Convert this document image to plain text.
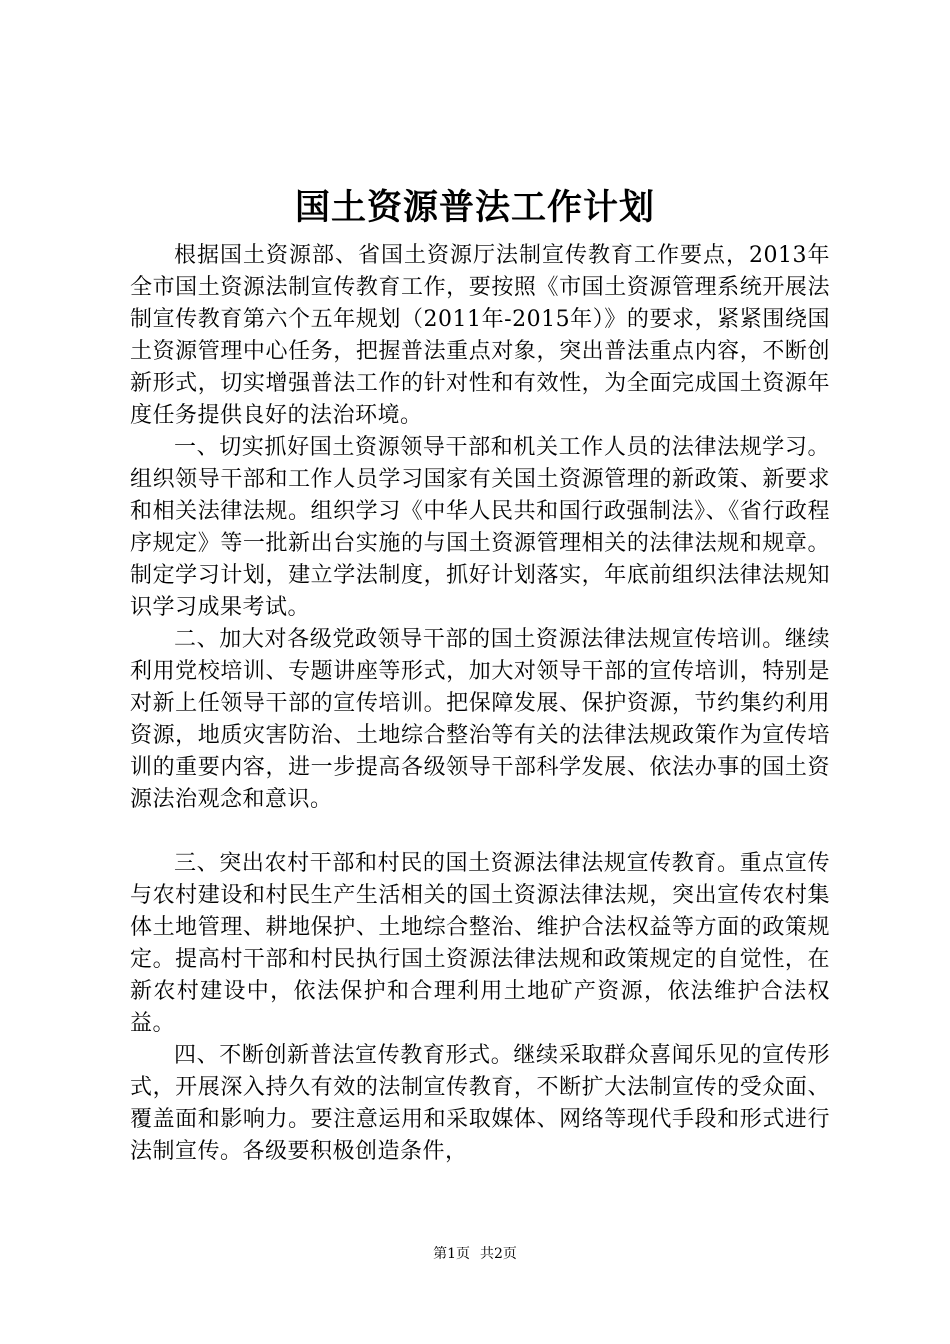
国土资源普法工作计划

根据国土资源部、省国土资源厅法制宣传教育工作要点，2013年全市国土资源法制宣传教育工作，要按照《市国土资源管理系统开展法制宣传教育第六个五年规划（2011年-2015年）》的要求，紧紧围绕国土资源管理中心任务，把握普法重点对象，突出普法重点内容，不断创新形式，切实增强普法工作的针对性和有效性，为全面完成国土资源年度任务提供良好的法治环境。

一、切实抓好国土资源领导干部和机关工作人员的法律法规学习。组织领导干部和工作人员学习国家有关国土资源管理的新政策、新要求和相关法律法规。组织学习《中华人民共和国行政强制法》、《省行政程序规定》等一批新出台实施的与国土资源管理相关的法律法规和规章。制定学习计划，建立学法制度，抓好计划落实，年底前组织法律法规知识学习成果考试。

二、加大对各级党政领导干部的国土资源法律法规宣传培训。继续利用党校培训、专题讲座等形式，加大对领导干部的宣传培训，特别是对新上任领导干部的宣传培训。把保障发展、保护资源，节约集约利用资源，地质灾害防治、土地综合整治等有关的法律法规政策作为宣传培训的重要内容，进一步提高各级领导干部科学发展、依法办事的国土资源法治观念和意识。

三、突出农村干部和村民的国土资源法律法规宣传教育。重点宣传与农村建设和村民生产生活相关的国土资源法律法规，突出宣传农村集体土地管理、耕地保护、土地综合整治、维护合法权益等方面的政策规定。提高村干部和村民执行国土资源法律法规和政策规定的自觉性，在新农村建设中，依法保护和合理利用土地矿产资源，依法维护合法权益。

四、不断创新普法宣传教育形式。继续采取群众喜闻乐见的宣传形式，开展深入持久有效的法制宣传教育，不断扩大法制宣传的受众面、覆盖面和影响力。要注意运用和采取媒体、网络等现代手段和形式进行法制宣传。各级要积极创造条件，

第1页 共2页
